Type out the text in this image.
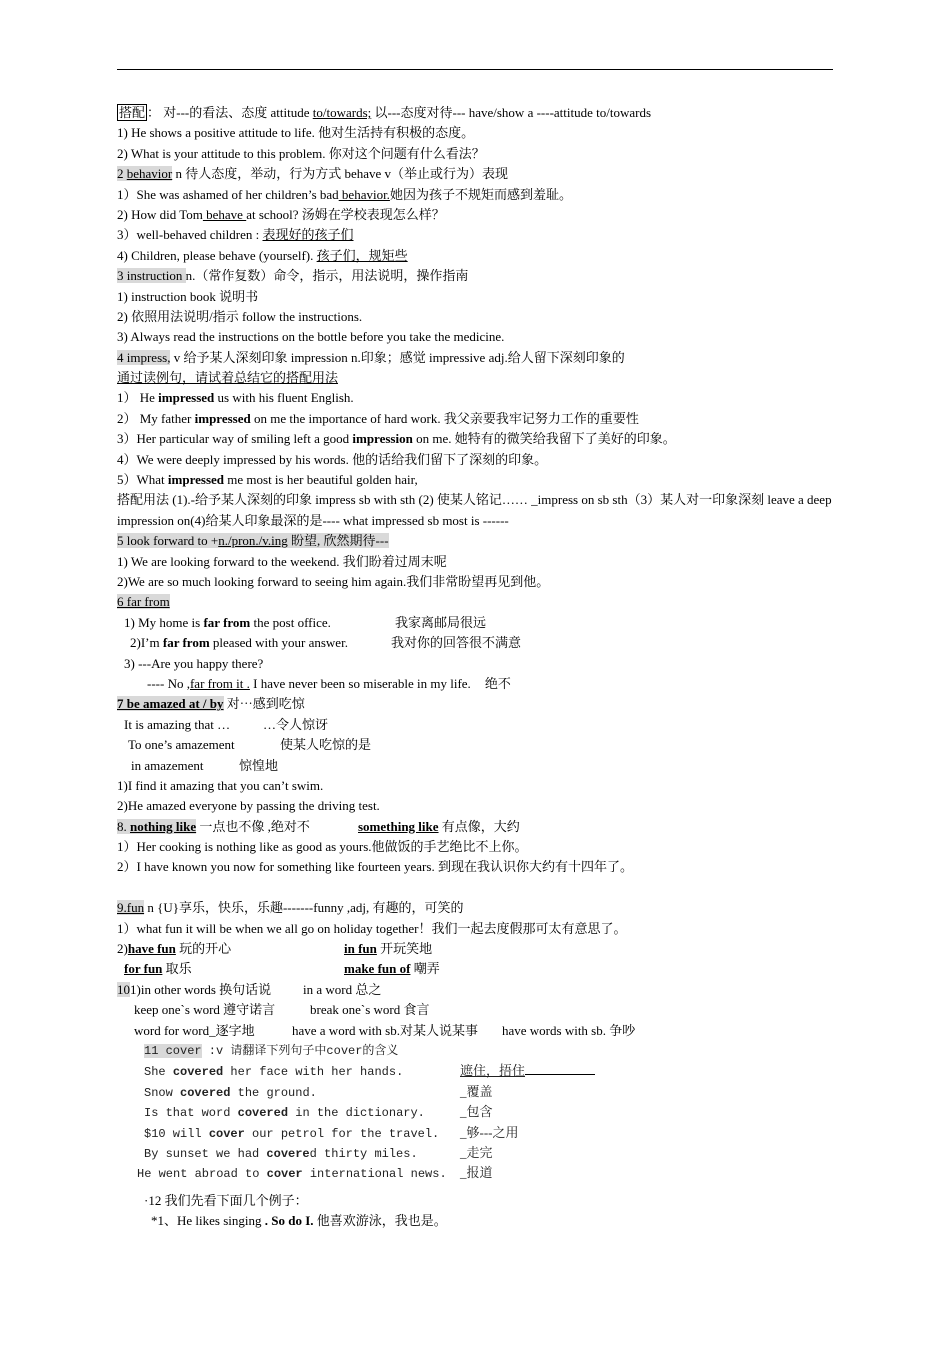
搭配 ： 对---的看法、态度 attitude to/towards; 以---态度对待--- have/show a ----attitude to/towards
1) He shows a positive attitude to life. 他对生活持有积极的态度。
2) What is your attitude to this problem. 你对这个问题有什么看法？
2 behavior n 待人态度，举动，行为方式 behave v（举止或行为）表现
1）She was ashamed of her children’s bad behavior.她因为孩子不规矩而感到羞耻。
2) How did Tom behave at school? 汤姆在学校表现怎么样？
3）well-behaved children : 表现好的孩子们
4) Children, please behave (yourself). 孩子们，规矩些
3 instruction n.（常作复数）命令，指示，用法说明，操作指南
1) instruction book 说明书
2) 依照用法说明/指示 follow the instructions.
3) Always read the instructions on the bottle before you take the medicine.
4 impress, v 给予某人深刻印象 impression n.印象；感觉 impressive adj.给人留下深刻印象的
通过读例句，请试着总结它的搭配用法
1） He impressed us with his fluent English.
2） My father impressed on me the importance of hard work. 我父亲要我牢记努力工作的重要性
3）Her particular way of smiling left a good impression on me. 她特有的微笑给我留下了美好的印象。
4）We were deeply impressed by his words. 他的话给我们留下了深刻的印象。
5）What impressed me most is her beautiful golden hair,
搭配用法 (1).-给予某人深刻的印象 impress sb with sth (2) 使某人铭记…… _impress on sb sth（3）某人对一印象深刻 leave a deep impression on(4)给某人印象最深的是---- what impressed sb most is ------
5 look forward to +n./pron./v.ing 盼望, 欣然期待---
1) We are looking forward to the weekend. 我们盼着过周末呢
2)We are so much looking forward to seeing him again.我们非常盼望再见到他。
6 far from
1) My home is far from the post office.	我家离邮局很远
2)I’m far from pleased with your answer.	我对你的回答很不满意
3) ---Are you happy there?
---- No ,far from it . I have never been so miserable in my life. 绝不
7 be amazed at / by 对⋯感到吃惊
It is amazing that …	…令人惊讶
To one’s amazement	使某人吃惊的是
in amazement	惊惶地
1)I find it amazing that you can’t swim.
2)He amazed everyone by passing the driving test.
8. nothing like 一点也不像 ,绝对不	something like 有点像，大约
1）Her cooking is nothing like as good as yours.他做饭的手艺绝比不上你。
2）I have known you now for something like fourteen years. 到现在我认识你大约有十四年了。
9.fun n {U}享乐，快乐，乐趣-------funny ,adj, 有趣的，可笑的
1）what fun it will be when we all go on holiday together！我们一起去度假那可太有意思了。
2)have fun 玩的开心	in fun 开玩笑地
for fun 取乐	make fun of 嘲弄
101)in other words 换句话说 in a word 总之
keep one`s word 遵守诺言	break one`s word 食言
word for word_逐字地	have a word with sb.对某人说某事 have words with sb. 争吵
11 cover :v 请翻译下列句子中cover的含义
She covered her face with her hands.	遮住，捂住
Snow covered the ground.	_覆盖
Is that word covered in the dictionary.	_包含
$10 will cover our petrol for the travel. _够---之用
By sunset we had covered thirty miles.	_走完
He went abroad to cover international news. _报道
·12 我们先看下面几个例子：
*1、He likes singing . So do I. 他喜欢游泳，我也是。
